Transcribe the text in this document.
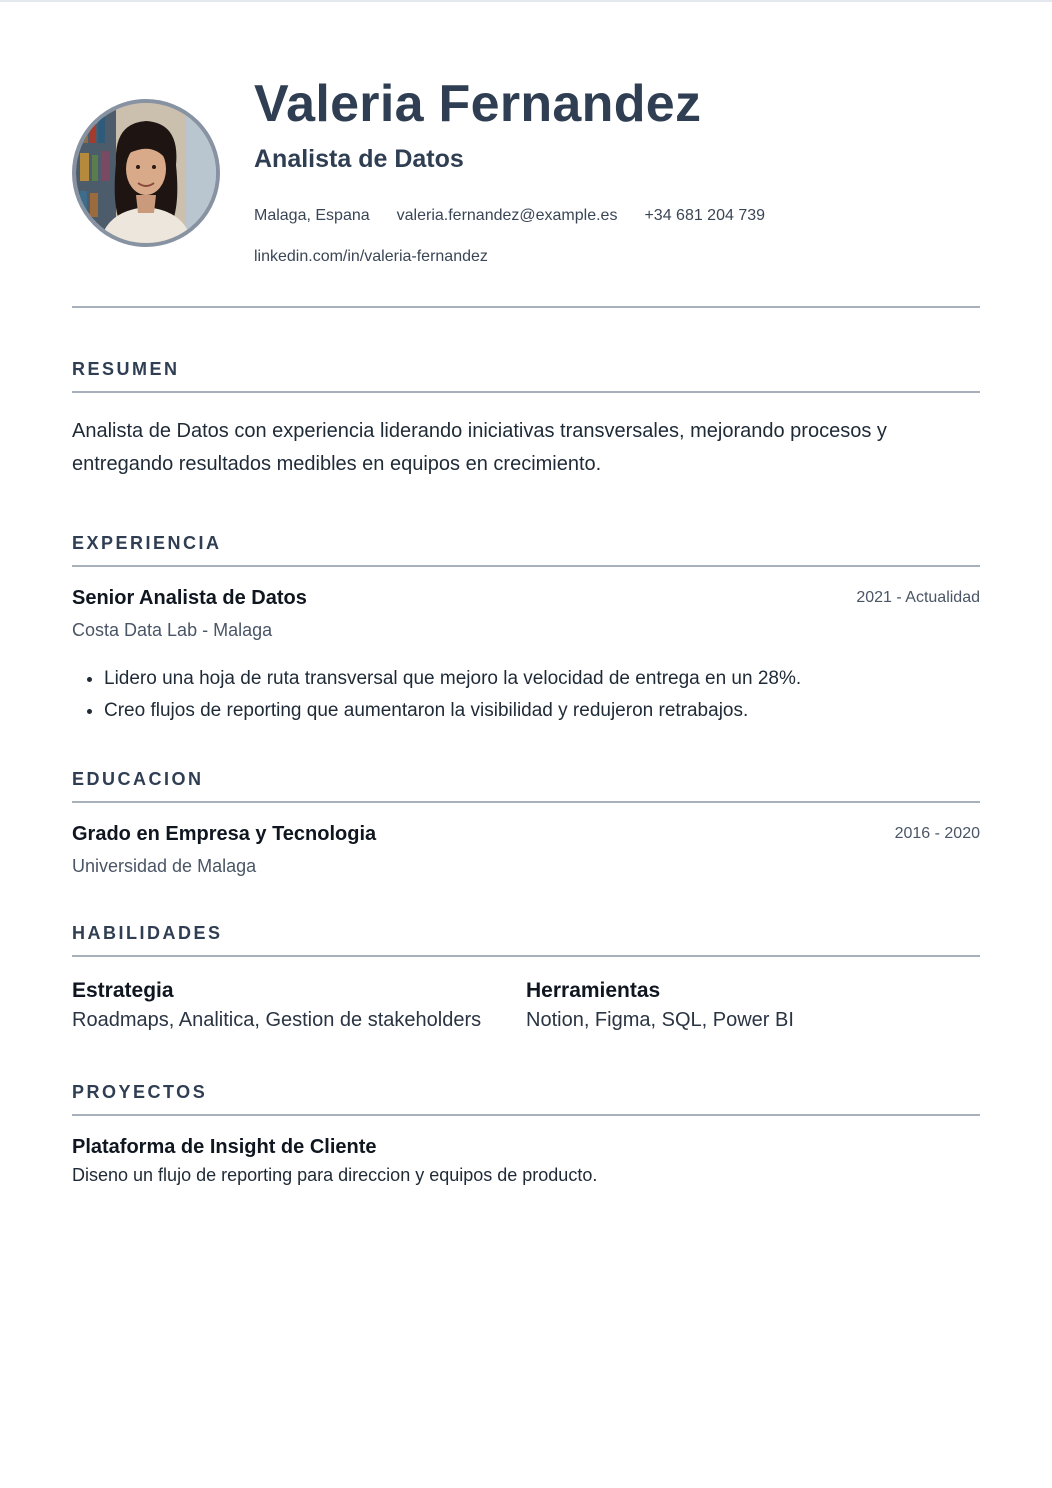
Valeria Fernandez
Analista de Datos
Malaga, Espana valeria.fernandez@example.es +34 681 204 739
linkedin.com/in/valeria-fernandez
RESUMEN

Analista de Datos con experiencia liderando iniciativas transversales, mejorando procesos y entregando resultados medibles en equipos en crecimiento.

EXPERIENCIA
Senior Analista de Datos	2021 - Actualidad
Costa Data Lab - Malaga
• Lidero una hoja de ruta transversal que mejoro la velocidad de entrega en un 28%.
• Creo flujos de reporting que aumentaron la visibilidad y redujeron retrabajos.
EDUCACION
Grado en Empresa y Tecnologia	2016 - 2020
Universidad de Malaga
HABILIDADES
Estrategia
Roadmaps, Analitica, Gestion de stakeholders
Herramientas
Notion, Figma, SQL, Power BI
PROYECTOS
Plataforma de Insight de Cliente
Diseno un flujo de reporting para direccion y equipos de producto.
